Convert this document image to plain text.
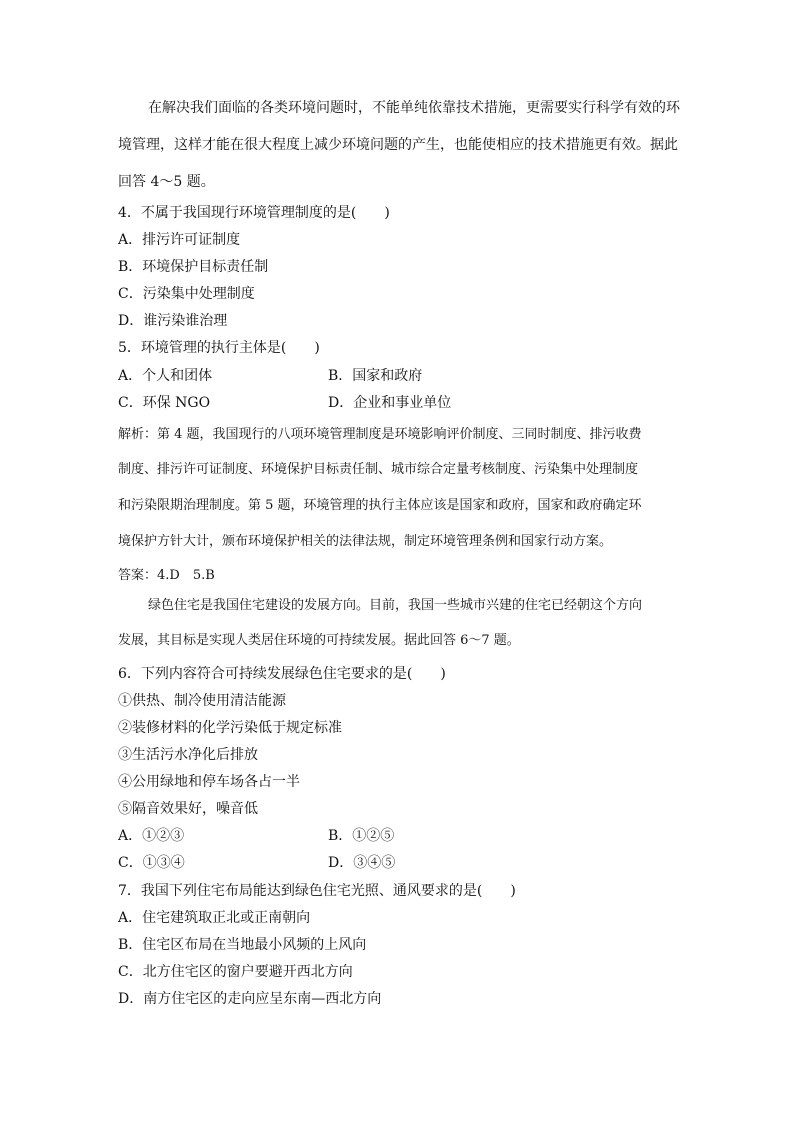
在解决我们面临的各类环境问题时，不能单纯依靠技术措施，更需要实行科学有效的环
境管理，这样才能在很大程度上减少环境问题的产生，也能使相应的技术措施更有效。据此
回答 4～5 题。
4．不属于我国现行环境管理制度的是(　　)
A．排污许可证制度
B．环境保护目标责任制
C．污染集中处理制度
D．谁污染谁治理
5．环境管理的执行主体是(　　)
A．个人和团体	B．国家和政府
C．环保 NGO	D．企业和事业单位
解析：第 4 题，我国现行的八项环境管理制度是环境影响评价制度、三同时制度、排污收费
制度、排污许可证制度、环境保护目标责任制、城市综合定量考核制度、污染集中处理制度
和污染限期治理制度。第 5 题，环境管理的执行主体应该是国家和政府，国家和政府确定环
境保护方针大计，颁布环境保护相关的法律法规，制定环境管理条例和国家行动方案。
答案：4.D　5.B
绿色住宅是我国住宅建设的发展方向。目前，我国一些城市兴建的住宅已经朝这个方向
发展，其目标是实现人类居住环境的可持续发展。据此回答 6～7 题。
6．下列内容符合可持续发展绿色住宅要求的是(　　)
①供热、制冷使用清洁能源
②装修材料的化学污染低于规定标准
③生活污水净化后排放
④公用绿地和停车场各占一半
⑤隔音效果好，噪音低
A．①②③	B．①②⑤
C．①③④	D．③④⑤
7．我国下列住宅布局能达到绿色住宅光照、通风要求的是(　　)
A．住宅建筑取正北或正南朝向
B．住宅区布局在当地最小风频的上风向
C．北方住宅区的窗户要避开西北方向
D．南方住宅区的走向应呈东南—西北方向
